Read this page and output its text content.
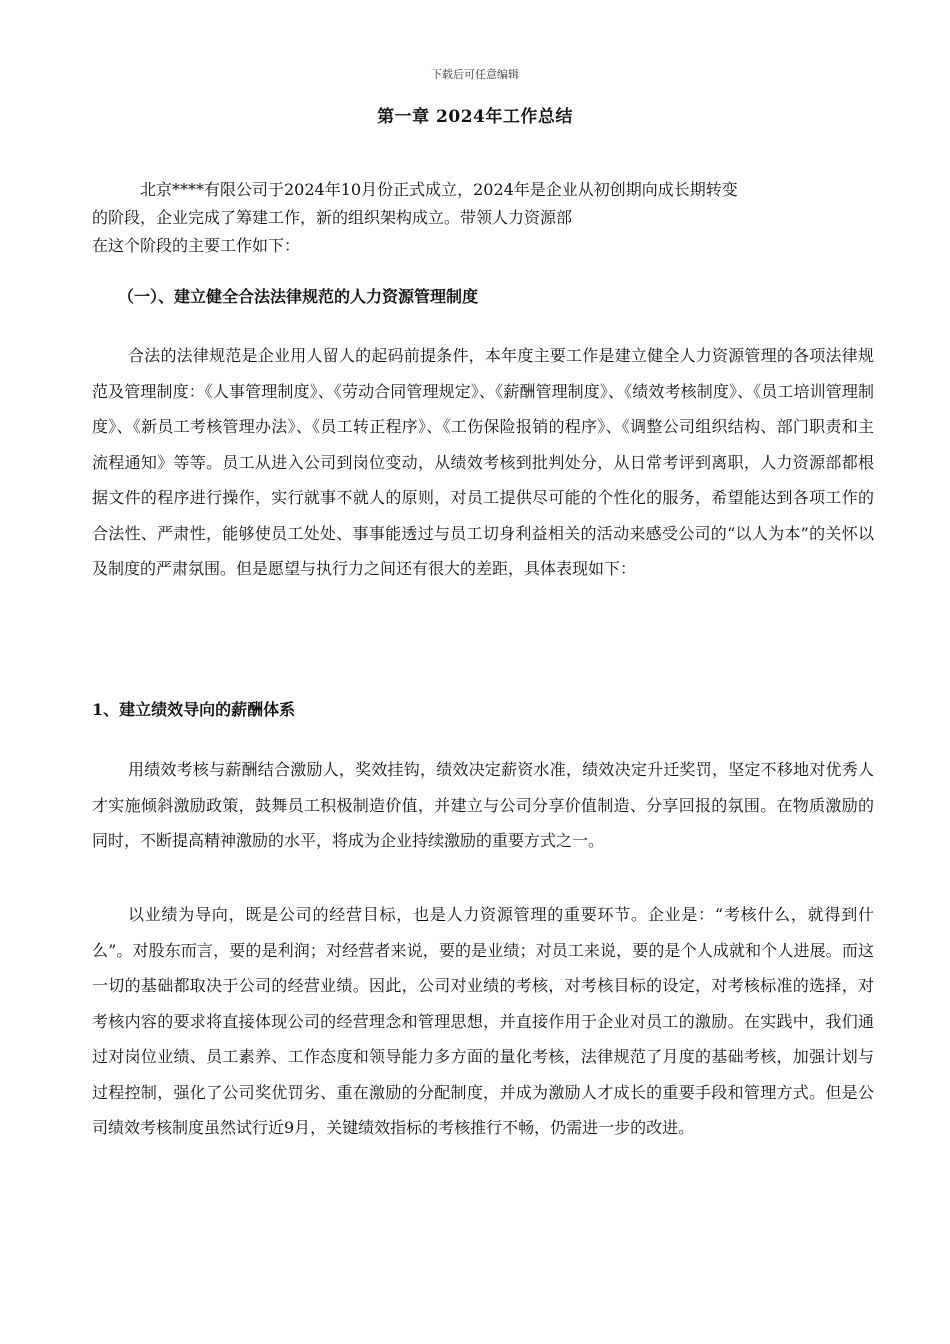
下载后可任意编辑
第一章 2024年工作总结
北京****有限公司于2024年10月份正式成立，2024年是企业从初创期向成长期转变
的阶段，企业完成了筹建工作，新的组织架构成立。带领人力资源部
在这个阶段的主要工作如下：
（一）、建立健全合法法律规范的人力资源管理制度
合法的法律规范是企业用人留人的起码前提条件，本年度主要工作是建立健全人力资源管理的各项法律规范及管理制度：《人事管理制度》、《劳动合同管理规定》、《薪酬管理制度》、《绩效考核制度》、《员工培训管理制度》、《新员工考核管理办法》、《员工转正程序》、《工伤保险报销的程序》、《调整公司组织结构、部门职责和主流程通知》等等。员工从进入公司到岗位变动，从绩效考核到批判处分，从日常考评到离职，人力资源部都根据文件的程序进行操作，实行就事不就人的原则，对员工提供尽可能的个性化的服务，希望能达到各项工作的合法性、严肃性，能够使员工处处、事事能透过与员工切身利益相关的活动来感受公司的“以人为本”的关怀以及制度的严肃氛围。但是愿望与执行力之间还有很大的差距，具体表现如下：
1、建立绩效导向的薪酬体系
用绩效考核与薪酬结合激励人，奖效挂钩，绩效决定薪资水准，绩效决定升迁奖罚，坚定不移地对优秀人才实施倾斜激励政策，鼓舞员工积极制造价值，并建立与公司分享价值制造、分享回报的氛围。在物质激励的同时，不断提高精神激励的水平，将成为企业持续激励的重要方式之一。
以业绩为导向，既是公司的经营目标，也是人力资源管理的重要环节。企业是：“考核什么，就得到什么”。对股东而言，要的是利润；对经营者来说，要的是业绩；对员工来说，要的是个人成就和个人进展。而这一切的基础都取决于公司的经营业绩。因此，公司对业绩的考核，对考核目标的设定，对考核标准的选择，对考核内容的要求将直接体现公司的经营理念和管理思想，并直接作用于企业对员工的激励。在实践中，我们通过对岗位业绩、员工素养、工作态度和领导能力多方面的量化考核，法律规范了月度的基础考核，加强计划与过程控制，强化了公司奖优罚劣、重在激励的分配制度，并成为激励人才成长的重要手段和管理方式。但是公司绩效考核制度虽然试行近9月，关键绩效指标的考核推行不畅，仍需进一步的改进。
